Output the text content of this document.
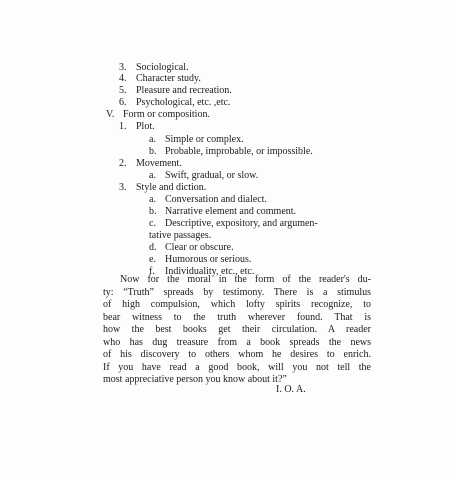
3. Sociological.
4. Character study.
5. Pleasure and recreation.
6. Psychological, etc. ,etc.
V. Form or composition.
1. Plot.
a. Simple or complex.
b. Probable, improbable, or impossible.
2. Movement.
a. Swift, gradual, or slow.
3. Style and diction.
a. Conversation and dialect.
b. Narrative element and comment.
c. Descriptive, expository, and argumen-
tative passages.
d. Clear or obscure.
e. Humorous or serious.
f. Individuality, etc., etc.
Now for the moral in the form of the reader's du-
ty: “Truth” spreads by testimony. There is a stimulus
of high compulsion, which lofty spirits recognize, to
bear witness to the truth wherever found. That is
how the best books get their circulation. A reader
who has dug treasure from a book spreads the news
of his discovery to others whom he desires to enrich.
If you have read a good book, will you not tell the
most appreciative person you know about it?”
I. O. A.
